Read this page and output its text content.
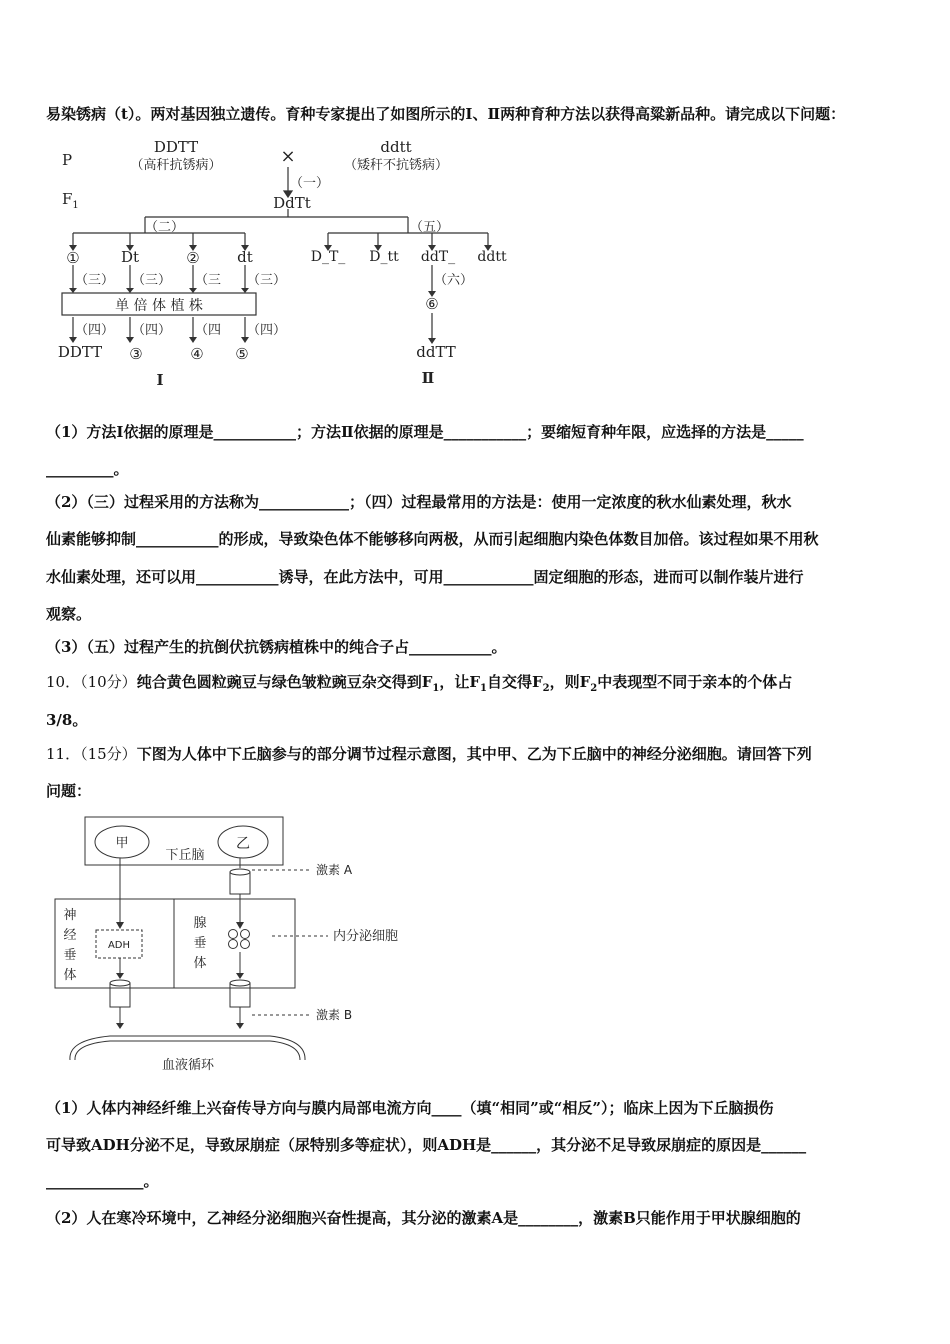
易染锈病（t）。两对基因独立遗传。育种专家提出了如图所示的Ⅰ、Ⅱ两种育种方法以获得高粱新品种。请完成以下问题：
P
$F_1$
DDTT
（高秆抗锈病）	×	ddtt
（矮秆不抗锈病）
（一）
DdTt
（二）	（五）
①	Dt	② dt
（三） （三） （三 （三）
单 倍 体 植 株
（四） （四） （四 （四）
DDTT ③	④ ⑤
Ⅰ
D_T_ D_tt ddT_ ddtt
（六）
⑥
ddTT
Ⅱ
（1）方法Ⅰ依据的原理是___________；方法Ⅱ依据的原理是___________；要缩短育种年限，应选择的方法是_____
_________。
（2）（三）过程采用的方法称为____________；（四）过程最常用的方法是：使用一定浓度的秋水仙素处理，秋水
仙素能够抑制___________的形成，导致染色体不能够移向两极，从而引起细胞内染色体数目加倍。该过程如果不用秋
水仙素处理，还可以用___________诱导，在此方法中，可用____________固定细胞的形态，进而可以制作装片进行
观察。
（3）（五）过程产生的抗倒伏抗锈病植株中的纯合子占___________。
10．（10分）纯合黄色圆粒豌豆与绿色皱粒豌豆杂交得到$F_1$，让$F_1$自交得$F_2$，则$F_2$中表现型不同于亲本的个体占
3/8。
11．（15分）下图为人体中下丘脑参与的部分调节过程示意图，其中甲、乙为下丘脑中的神经分泌细胞。请回答下列
问题：
甲	乙
下丘脑
激素 A
神
经
垂
体
腺
垂
体
ADH
内分泌细胞
激素 B
血液循环
（1）人体内神经纤维上兴奋传导方向与膜内局部电流方向____（填“相同”或“相反”）；临床上因为下丘脑损伤
可导致ADH分泌不足，导致尿崩症（尿特别多等症状），则ADH是______，其分泌不足导致尿崩症的原因是______
_____________。
（2）人在寒冷环境中，乙神经分泌细胞兴奋性提高，其分泌的激素A是________，激素B只能作用于甲状腺细胞的
